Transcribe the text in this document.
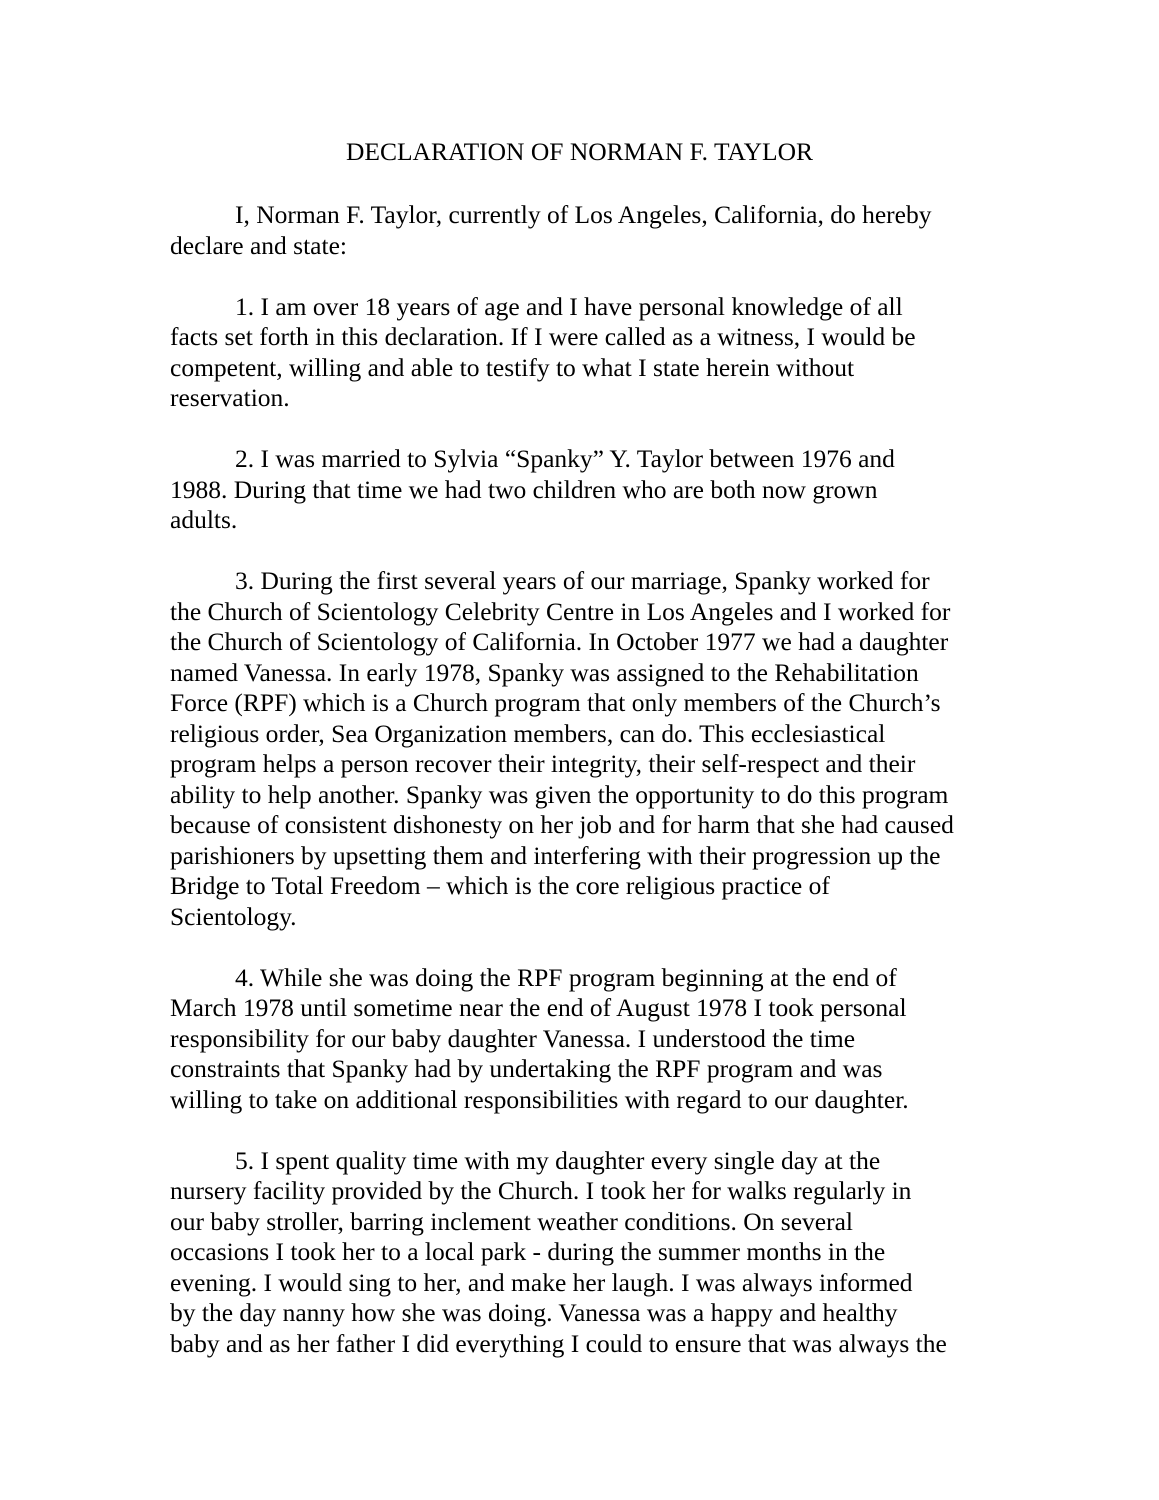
DECLARATION OF NORMAN F. TAYLOR

I, Norman F. Taylor, currently of Los Angeles, California, do hereby

declare and state:

1. I am over 18 years of age and I have personal knowledge of all

facts set forth in this declaration. If I were called as a witness, I would be

competent, willing and able to testify to what I state herein without

reservation.

2. I was married to Sylvia “Spanky” Y. Taylor between 1976 and

1988. During that time we had two children who are both now grown

adults.

3. During the first several years of our marriage, Spanky worked for

the Church of Scientology Celebrity Centre in Los Angeles and I worked for

the Church of Scientology of California. In October 1977 we had a daughter

named Vanessa. In early 1978, Spanky was assigned to the Rehabilitation

Force (RPF) which is a Church program that only members of the Church’s

religious order, Sea Organization members, can do. This ecclesiastical

program helps a person recover their integrity, their self-respect and their

ability to help another. Spanky was given the opportunity to do this program

because of consistent dishonesty on her job and for harm that she had caused

parishioners by upsetting them and interfering with their progression up the

Bridge to Total Freedom – which is the core religious practice of

Scientology.

4. While she was doing the RPF program beginning at the end of

March 1978 until sometime near the end of August 1978 I took personal

responsibility for our baby daughter Vanessa. I understood the time

constraints that Spanky had by undertaking the RPF program and was

willing to take on additional responsibilities with regard to our daughter.

5. I spent quality time with my daughter every single day at the

nursery facility provided by the Church. I took her for walks regularly in

our baby stroller, barring inclement weather conditions. On several

occasions I took her to a local park - during the summer months in the

evening. I would sing to her, and make her laugh. I was always informed

by the day nanny how she was doing. Vanessa was a happy and healthy

baby and as her father I did everything I could to ensure that was always the
